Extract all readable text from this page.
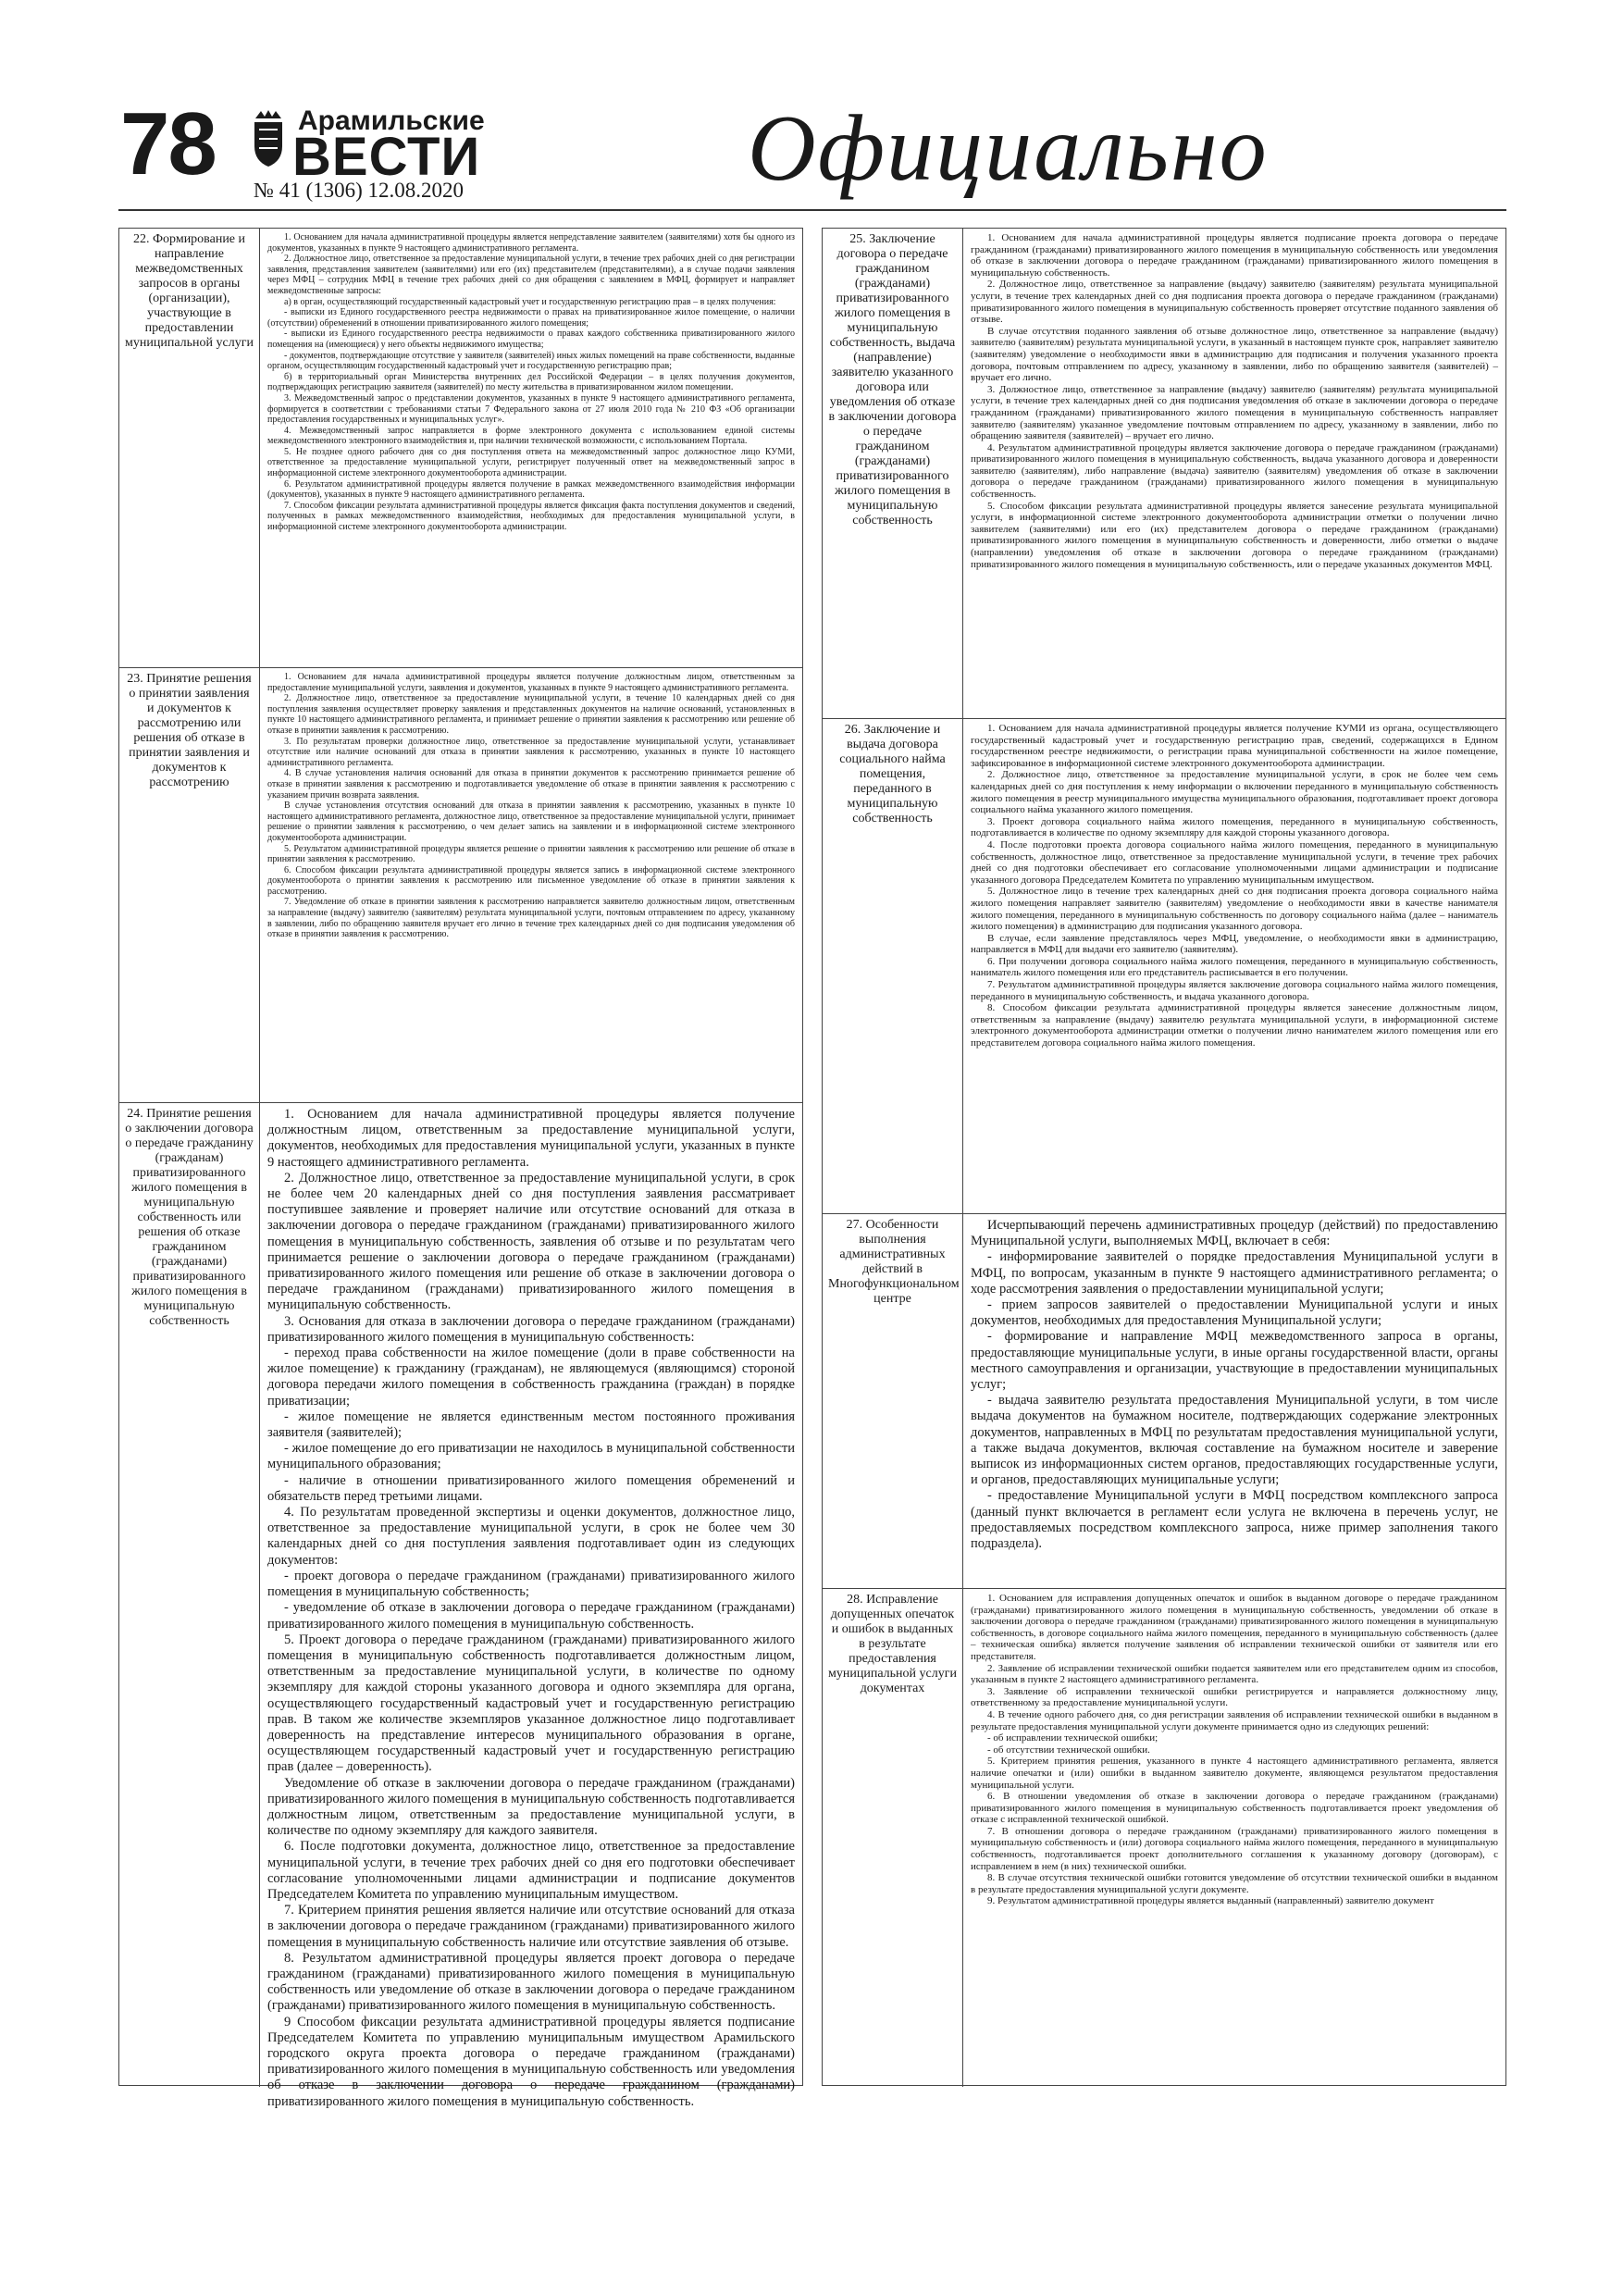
78	Арамильские
ВЕСТИ
№ 41 (1306) 12.08.2020	Официально
22. Формирование и направление межведомственных запросов в органы (организации), участвующие в предоставлении муниципальной услуги

1. Основанием для начала административной процедуры является непредставление заявителем (заявителями) хотя бы одного из документов, указанных в пункте 9 настоящего административного регламента.

2. Должностное лицо, ответственное за предоставление муниципальной услуги, в течение трех рабочих дней со дня регистрации заявления, представления заявителем (заявителями) или его (их) представителем (представителями), а в случае подачи заявления через МФЦ – сотрудник МФЦ в течение трех рабочих дней со дня обращения с заявлением в МФЦ, формирует и направляет межведомственные запросы:

а) в орган, осуществляющий государственный кадастровый учет и государственную регистрацию прав – в целях получения:

- выписки из Единого государственного реестра недвижимости о правах на приватизированное жилое помещение, о наличии (отсутствии) обременений в отношении приватизированного жилого помещения;

- выписки из Единого государственного реестра недвижимости о правах каждого собственника приватизированного жилого помещения на (имеющиеся) у него объекты недвижимого имущества;

- документов, подтверждающие отсутствие у заявителя (заявителей) иных жилых помещений на праве собственности, выданные органом, осуществляющим государственный кадастровый учет и государственную регистрацию прав;

б) в территориальный орган Министерства внутренних дел Российской Федерации – в целях получения документов, подтверждающих регистрацию заявителя (заявителей) по месту жительства в приватизированном жилом помещении.

3. Межведомственный запрос о представлении документов, указанных в пункте 9 настоящего административного регламента, формируется в соответствии с требованиями статьи 7 Федерального закона от 27 июля 2010 года № 210 ФЗ «Об организации предоставления государственных и муниципальных услуг».

4. Межведомственный запрос направляется в форме электронного документа с использованием единой системы межведомственного электронного взаимодействия и, при наличии технической возможности, с использованием Портала.

5. Не позднее одного рабочего дня со дня поступления ответа на межведомственный запрос должностное лицо КУМИ, ответственное за предоставление муниципальной услуги, регистрирует полученный ответ на межведомственный запрос в информационной системе электронного документооборота администрации.

6. Результатом административной процедуры является получение в рамках межведомственного взаимодействия информации (документов), указанных в пункте 9 настоящего административного регламента.

7. Способом фиксации результата административной процедуры является фиксация факта поступления документов и сведений, полученных в рамках межведомственного взаимодействия, необходимых для предоставления муниципальной услуги, в информационной системе электронного документооборота администрации.

23. Принятие решения о принятии заявления и документов к рассмотрению или решения об отказе в принятии заявления и документов к рассмотрению

1. Основанием для начала административной процедуры является получение должностным лицом, ответственным за предоставление муниципальной услуги, заявления и документов, указанных в пункте 9 настоящего административного регламента.

2. Должностное лицо, ответственное за предоставление муниципальной услуги, в течение 10 календарных дней со дня поступления заявления осуществляет проверку заявления и представленных документов на наличие оснований, установленных в пункте 10 настоящего административного регламента, и принимает решение о принятии заявления к рассмотрению или решение об отказе в принятии заявления к рассмотрению.

3. По результатам проверки должностное лицо, ответственное за предоставление муниципальной услуги, устанавливает отсутствие или наличие оснований для отказа в принятии заявления к рассмотрению, указанных в пункте 10 настоящего административного регламента.

4. В случае установления наличия оснований для отказа в принятии документов к рассмотрению принимается решение об отказе в принятии заявления к рассмотрению и подготавливается уведомление об отказе в принятии заявления к рассмотрению с указанием причин возврата заявления.

В случае установления отсутствия оснований для отказа в принятии заявления к рассмотрению, указанных в пункте 10 настоящего административного регламента, должностное лицо, ответственное за предоставление муниципальной услуги, принимает решение о принятии заявления к рассмотрению, о чем делает запись на заявлении и в информационной системе электронного документооборота администрации.

5. Результатом административной процедуры является решение о принятии заявления к рассмотрению или решение об отказе в принятии заявления к рассмотрению.

6. Способом фиксации результата административной процедуры является запись в информационной системе электронного документооборота о принятии заявления к рассмотрению или письменное уведомление об отказе в принятии заявления к рассмотрению.

7. Уведомление об отказе в принятии заявления к рассмотрению направляется заявителю должностным лицом, ответственным за направление (выдачу) заявителю (заявителям) результата муниципальной услуги, почтовым отправлением по адресу, указанному в заявлении, либо по обращению заявителя вручает его лично в течение трех календарных дней со дня подписания уведомления об отказе в принятии заявления к рассмотрению.

24. Принятие решения о заключении договора о передаче гражданину (гражданам) приватизированного жилого помещения в муниципальную собственность или решения об отказе гражданином (гражданами) приватизированного жилого помещения в муниципальную собственность

1. Основанием для начала административной процедуры является получение должностным лицом, ответственным за предоставление муниципальной услуги, документов, необходимых для предоставления муниципальной услуги, указанных в пункте 9 настоящего административного регламента.

2. Должностное лицо, ответственное за предоставление муниципальной услуги, в срок не более чем 20 календарных дней со дня поступления заявления рассматривает поступившее заявление и проверяет наличие или отсутствие оснований для отказа в заключении договора о передаче гражданином (гражданами) приватизированного жилого помещения в муниципальную собственность, заявления об отзыве и по результатам чего принимается решение о заключении договора о передаче гражданином (гражданами) приватизированного жилого помещения или решение об отказе в заключении договора о передаче гражданином (гражданами) приватизированного жилого помещения в муниципальную собственность.

3. Основания для отказа в заключении договора о передаче гражданином (гражданами) приватизированного жилого помещения в муниципальную собственность:

- переход права собственности на жилое помещение (доли в праве собственности на жилое помещение) к гражданину (гражданам), не являющемуся (являющимся) стороной договора передачи жилого помещения в собственность гражданина (граждан) в порядке приватизации;

- жилое помещение не является единственным местом постоянного проживания заявителя (заявителей);

- жилое помещение до его приватизации не находилось в муниципальной собственности муниципального образования;

- наличие в отношении приватизированного жилого помещения обременений и обязательств перед третьими лицами.

4. По результатам проведенной экспертизы и оценки документов, должностное лицо, ответственное за предоставление муниципальной услуги, в срок не более чем 30 календарных дней со дня поступления заявления подготавливает один из следующих документов:

- проект договора о передаче гражданином (гражданами) приватизированного жилого помещения в муниципальную собственность;

- уведомление об отказе в заключении договора о передаче гражданином (гражданами) приватизированного жилого помещения в муниципальную собственность.

5. Проект договора о передаче гражданином (гражданами) приватизированного жилого помещения в муниципальную собственность подготавливается должностным лицом, ответственным за предоставление муниципальной услуги, в количестве по одному экземпляру для каждой стороны указанного договора и одного экземпляра для органа, осуществляющего государственный кадастровый учет и государственную регистрацию прав. В таком же количестве экземпляров указанное должностное лицо подготавливает доверенность на представление интересов муниципального образования в органе, осуществляющем государственный кадастровый учет и государственную регистрацию прав (далее – доверенность).

Уведомление об отказе в заключении договора о передаче гражданином (гражданами) приватизированного жилого помещения в муниципальную собственность подготавливается должностным лицом, ответственным за предоставление муниципальной услуги, в количестве по одному экземпляру для каждого заявителя.

6. После подготовки документа, должностное лицо, ответственное за предоставление муниципальной услуги, в течение трех рабочих дней со дня его подготовки обеспечивает согласование уполномоченными лицами администрации и подписание документов Председателем Комитета по управлению муниципальным имуществом.

7. Критерием принятия решения является наличие или отсутствие оснований для отказа в заключении договора о передаче гражданином (гражданами) приватизированного жилого помещения в муниципальную собственность наличие или отсутствие заявления об отзыве.

8. Результатом административной процедуры является проект договора о передаче гражданином (гражданами) приватизированного жилого помещения в муниципальную собственность или уведомление об отказе в заключении договора о передаче гражданином (гражданами) приватизированного жилого помещения в муниципальную собственность.

9 Способом фиксации результата административной процедуры является подписание Председателем Комитета по управлению муниципальным имуществом Арамильского городского округа проекта договора о передаче гражданином (гражданами) приватизированного жилого помещения в муниципальную собственность или уведомления об отказе в заключении договора о передаче гражданином (гражданами) приватизированного жилого помещения в муниципальную собственность.

25. Заключение договора о передаче гражданином (гражданами) приватизированного жилого помещения в муниципальную собственность, выдача (направление) заявителю указанного договора или уведомления об отказе в заключении договора о передаче гражданином (гражданами) приватизированного жилого помещения в муниципальную собственность

1. Основанием для начала административной процедуры является подписание проекта договора о передаче гражданином (гражданами) приватизированного жилого помещения в муниципальную собственность или уведомления об отказе в заключении договора о передаче гражданином (гражданами) приватизированного жилого помещения в муниципальную собственность.

2. Должностное лицо, ответственное за направление (выдачу) заявителю (заявителям) результата муниципальной услуги, в течение трех календарных дней со дня подписания проекта договора о передаче гражданином (гражданами) приватизированного жилого помещения в муниципальную собственность проверяет отсутствие поданного заявления об отзыве.

В случае отсутствия поданного заявления об отзыве должностное лицо, ответственное за направление (выдачу) заявителю (заявителям) результата муниципальной услуги, в указанный в настоящем пункте срок, направляет заявителю (заявителям) уведомление о необходимости явки в администрацию для подписания и получения указанного проекта договора, почтовым отправлением по адресу, указанному в заявлении, либо по обращению заявителя (заявителей) – вручает его лично.

3. Должностное лицо, ответственное за направление (выдачу) заявителю (заявителям) результата муниципальной услуги, в течение трех календарных дней со дня подписания уведомления об отказе в заключении договора о передаче гражданином (гражданами) приватизированного жилого помещения в муниципальную собственность направляет заявителю (заявителям) указанное уведомление почтовым отправлением по адресу, указанному в заявлении, либо по обращению заявителя (заявителей) – вручает его лично.

4. Результатом административной процедуры является заключение договора о передаче гражданином (гражданами) приватизированного жилого помещения в муниципальную собственность, выдача указанного договора и доверенности заявителю (заявителям), либо направление (выдача) заявителю (заявителям) уведомления об отказе в заключении договора о передаче гражданином (гражданами) приватизированного жилого помещения в муниципальную собственность.

5. Способом фиксации результата административной процедуры является занесение результата муниципальной услуги, в информационной системе электронного документооборота администрации отметки о получении лично заявителем (заявителями) или его (их) представителем договора о передаче гражданином (гражданами) приватизированного жилого помещения в муниципальную собственность и доверенности, либо отметки о выдаче (направлении) уведомления об отказе в заключении договора о передаче гражданином (гражданами) приватизированного жилого помещения в муниципальную собственность, или о передаче указанных документов МФЦ.

26. Заключение и выдача договора социального найма помещения, переданного в муниципальную собственность

1. Основанием для начала административной процедуры является получение КУМИ из органа, осуществляющего государственный кадастровый учет и государственную регистрацию прав, сведений, содержащихся в Едином государственном реестре недвижимости, о регистрации права муниципальной собственности на жилое помещение, зафиксированное в информационной системе электронного документооборота администрации.

2. Должностное лицо, ответственное за предоставление муниципальной услуги, в срок не более чем семь календарных дней со дня поступления к нему информации о включении переданного в муниципальную собственность жилого помещения в реестр муниципального имущества муниципального образования, подготавливает проект договора социального найма указанного жилого помещения.

3. Проект договора социального найма жилого помещения, переданного в муниципальную собственность, подготавливается в количестве по одному экземпляру для каждой стороны указанного договора.

4. После подготовки проекта договора социального найма жилого помещения, переданного в муниципальную собственность, должностное лицо, ответственное за предоставление муниципальной услуги, в течение трех рабочих дней со дня подготовки обеспечивает его согласование уполномоченными лицами администрации и подписание указанного договора Председателем Комитета по управлению муниципальным имуществом.

5. Должностное лицо в течение трех календарных дней со дня подписания проекта договора социального найма жилого помещения направляет заявителю (заявителям) уведомление о необходимости явки в качестве нанимателя жилого помещения, переданного в муниципальную собственность по договору социального найма (далее – наниматель жилого помещения) в администрацию для подписания указанного договора.

В случае, если заявление представлялось через МФЦ, уведомление, о необходимости явки в администрацию, направляется в МФЦ для выдачи его заявителю (заявителям).

6. При получении договора социального найма жилого помещения, переданного в муниципальную собственность, наниматель жилого помещения или его представитель расписывается в его получении.

7. Результатом административной процедуры является заключение договора социального найма жилого помещения, переданного в муниципальную собственность, и выдача указанного договора.

8. Способом фиксации результата административной процедуры является занесение должностным лицом, ответственным за направление (выдачу) заявителю результата муниципальной услуги, в информационной системе электронного документооборота администрации отметки о получении лично нанимателем жилого помещения или его представителем договора социального найма жилого помещения.

27. Особенности выполнения административных действий в Многофункциональном центре

Исчерпывающий перечень административных процедур (действий) по предоставлению Муниципальной услуги, выполняемых МФЦ, включает в себя:

- информирование заявителей о порядке предоставления Муниципальной услуги в МФЦ, по вопросам, указанным в пункте 9 настоящего административного регламента; о ходе рассмотрения заявления о предоставлении муниципальной услуги;

- прием запросов заявителей о предоставлении Муниципальной услуги и иных документов, необходимых для предоставления Муниципальной услуги;

- формирование и направление МФЦ межведомственного запроса в органы, предоставляющие муниципальные услуги, в иные органы государственной власти, органы местного самоуправления и организации, участвующие в предоставлении муниципальных услуг;

- выдача заявителю результата предоставления Муниципальной услуги, в том числе выдача документов на бумажном носителе, подтверждающих содержание электронных документов, направленных в МФЦ по результатам предоставления муниципальной услуги, а также выдача документов, включая составление на бумажном носителе и заверение выписок из информационных систем органов, предоставляющих государственные услуги, и органов, предоставляющих муниципальные услуги;

- предоставление Муниципальной услуги в МФЦ посредством комплексного запроса (данный пункт включается в регламент если услуга не включена в перечень услуг, не предоставляемых посредством комплексного запроса, ниже пример заполнения такого подраздела).

28. Исправление допущенных опечаток и ошибок в выданных в результате предоставления муниципальной услуги документах

1. Основанием для исправления допущенных опечаток и ошибок в выданном договоре о передаче гражданином (гражданами) приватизированного жилого помещения в муниципальную собственность, уведомлении об отказе в заключении договора о передаче гражданином (гражданами) приватизированного жилого помещения в муниципальную собственность, в договоре социального найма жилого помещения, переданного в муниципальную собственность (далее – техническая ошибка) является получение заявления об исправлении технической ошибки от заявителя или его представителя.

2. Заявление об исправлении технической ошибки подается заявителем или его представителем одним из способов, указанным в пункте 2 настоящего административного регламента.

3. Заявление об исправлении технической ошибки регистрируется и направляется должностному лицу, ответственному за предоставление муниципальной услуги.

4. В течение одного рабочего дня, со дня регистрации заявления об исправлении технической ошибки в выданном в результате предоставления муниципальной услуги документе принимается одно из следующих решений:

- об исправлении технической ошибки;

- об отсутствии технической ошибки.

5. Критерием принятия решения, указанного в пункте 4 настоящего административного регламента, является наличие опечатки и (или) ошибки в выданном заявителю документе, являющемся результатом предоставления муниципальной услуги.

6. В отношении уведомления об отказе в заключении договора о передаче гражданином (гражданами) приватизированного жилого помещения в муниципальную собственность подготавливается проект уведомления об отказе с исправленной технической ошибкой.

7. В отношении договора о передаче гражданином (гражданами) приватизированного жилого помещения в муниципальную собственность и (или) договора социального найма жилого помещения, переданного в муниципальную собственность, подготавливается проект дополнительного соглашения к указанному договору (договорам), с исправлением в нем (в них) технической ошибки.

8. В случае отсутствия технической ошибки готовится уведомление об отсутствии технической ошибки в выданном в результате предоставления муниципальной услуги документе.

9. Результатом административной процедуры является выданный (направленный) заявителю документ
